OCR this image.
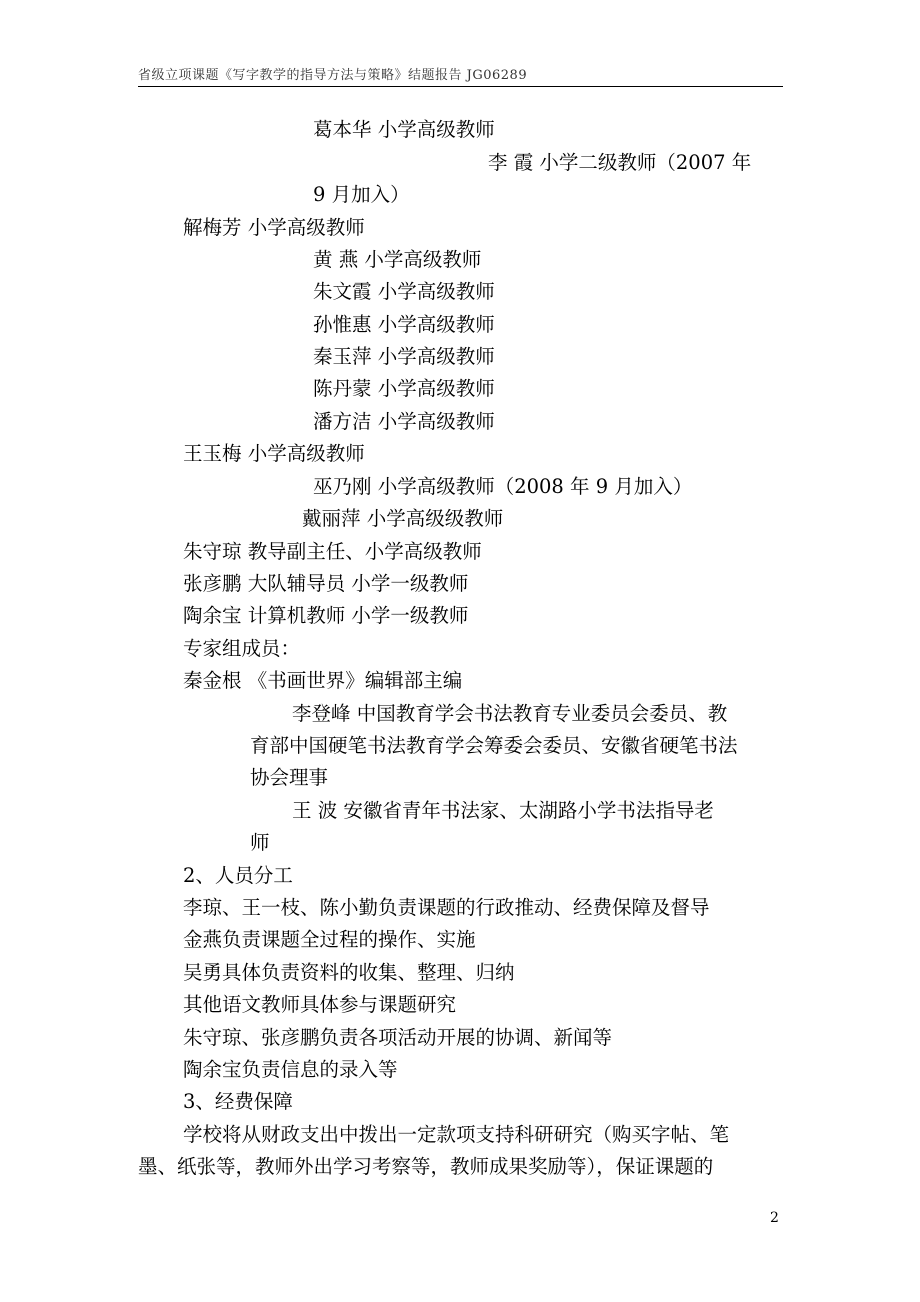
省级立项课题《写字教学的指导方法与策略》结题报告 JG06289
葛本华 小学高级教师
李 霞 小学二级教师（2007 年
9 月加入）
解梅芳 小学高级教师
黄 燕 小学高级教师
朱文霞 小学高级教师
孙惟惠 小学高级教师
秦玉萍 小学高级教师
陈丹蒙 小学高级教师
潘方洁 小学高级教师
王玉梅 小学高级教师
巫乃刚 小学高级教师（2008 年 9 月加入）
戴丽萍 小学高级级教师
朱守琼 教导副主任、小学高级教师
张彦鹏 大队辅导员 小学一级教师
陶余宝 计算机教师 小学一级教师
专家组成员：
秦金根 《书画世界》编辑部主编
李登峰 中国教育学会书法教育专业委员会委员、教
育部中国硬笔书法教育学会筹委会委员、安徽省硬笔书法
协会理事
王 波 安徽省青年书法家、太湖路小学书法指导老
师
2、人员分工
李琼、王一枝、陈小勤负责课题的行政推动、经费保障及督导
金燕负责课题全过程的操作、实施
吴勇具体负责资料的收集、整理、归纳
其他语文教师具体参与课题研究
朱守琼、张彦鹏负责各项活动开展的协调、新闻等
陶余宝负责信息的录入等
3、经费保障
学校将从财政支出中拨出一定款项支持科研研究（购买字帖、笔
墨、纸张等，教师外出学习考察等，教师成果奖励等），保证课题的
2
